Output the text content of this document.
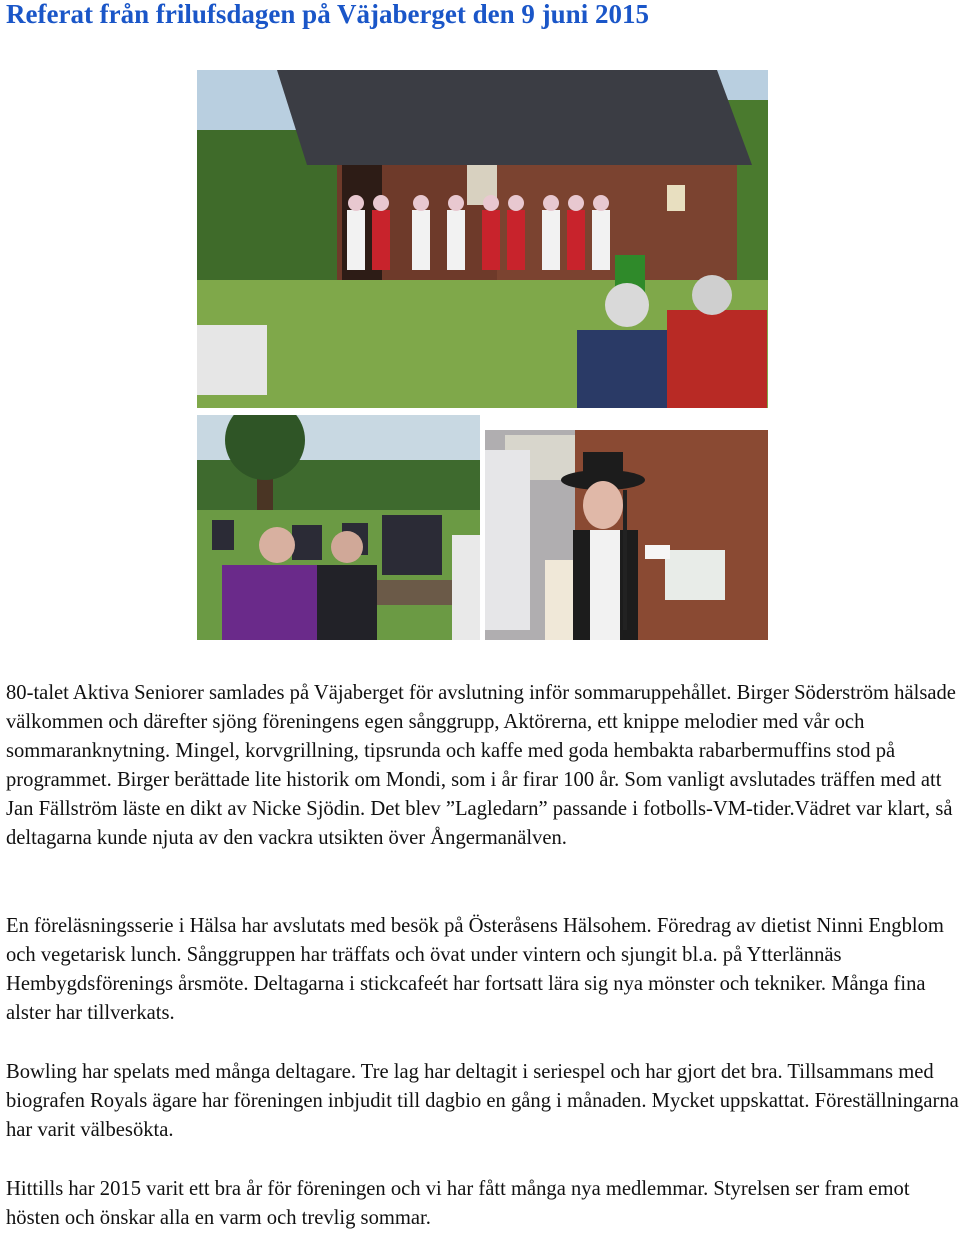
Referat från frilufsdagen på Väjaberget den 9 juni 2015

80-talet Aktiva Seniorer samlades på Väjaberget för avslutning inför sommaruppehållet. Birger Söderström hälsade välkommen och därefter sjöng föreningens egen sånggrupp, Aktörerna, ett knippe melodier med vår och sommaranknytning. Mingel, korvgrillning, tipsrunda och kaffe med goda hembakta rabarbermuffins stod på programmet. Birger berättade lite historik om Mondi, som i år firar 100 år. Som vanligt avslutades träffen med att Jan Fällström läste en dikt av Nicke Sjödin. Det blev ”Lagledarn” passande i fotbolls-VM-tider.Vädret var klart, så deltagarna kunde njuta av den vackra utsikten över Ångermanälven.

En föreläsningsserie i Hälsa har avslutats med besök på Österåsens Hälsohem. Föredrag av dietist Ninni Engblom och vegetarisk lunch. Sånggruppen har träffats och övat under vintern och sjungit bl.a. på Ytterlännäs Hembygdsförenings årsmöte. Deltagarna i stickcafeét har fortsatt lära sig nya mönster och tekniker. Många fina alster har tillverkats.

Bowling har spelats med många deltagare. Tre lag har deltagit i seriespel och har gjort det bra. Tillsammans med biografen Royals ägare har föreningen inbjudit till dagbio en gång i månaden. Mycket uppskattat. Föreställningarna har varit välbesökta.

Hittills har 2015 varit ett bra år för föreningen och vi har fått många nya medlemmar. Styrelsen ser fram emot hösten och önskar alla en varm och trevlig sommar.
